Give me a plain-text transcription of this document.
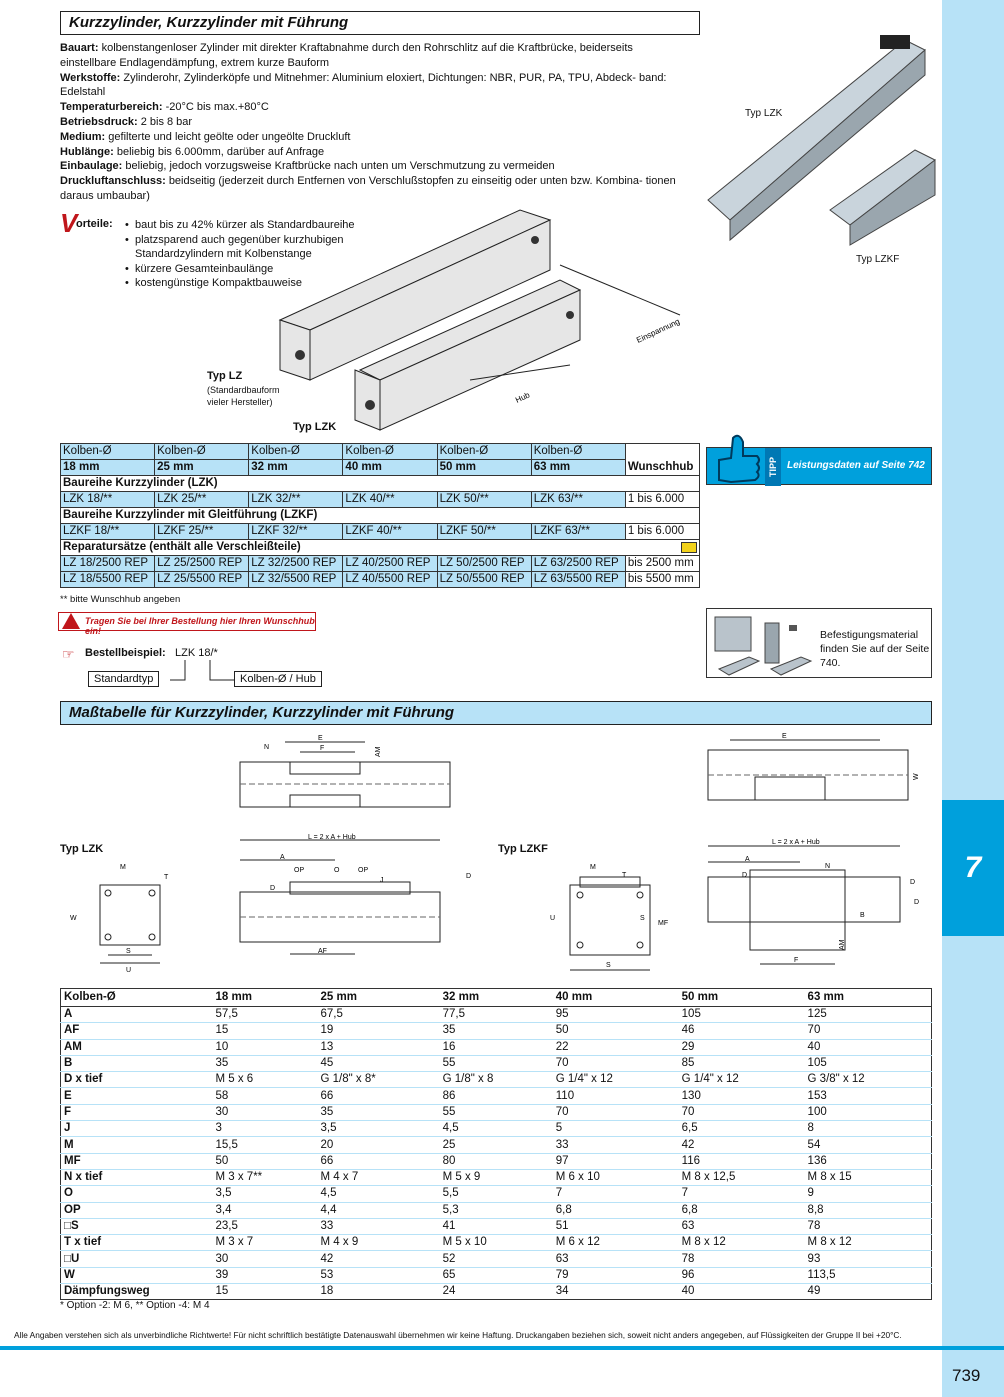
7
Kurzzylinder, Kurzzylinder mit Führung
Bauart: kolbenstangenloser Zylinder mit direkter Kraftabnahme durch den Rohrschlitz auf die Kraftbrücke, beiderseits einstellbare Endlagendämpfung, extrem kurze Bauform
Werkstoffe: Zylinderohr, Zylinderköpfe und Mitnehmer: Aluminium eloxiert, Dichtungen: NBR, PUR, PA, TPU, Abdeck- band: Edelstahl
Temperaturbereich: -20°C bis max.+80°C
Betriebsdruck: 2 bis 8 bar
Medium: gefilterte und leicht geölte oder ungeölte Druckluft
Hublänge: beliebig bis 6.000mm, darüber auf Anfrage
Einbaulage: beliebig, jedoch vorzugsweise Kraftbrücke nach unten um Verschmutzung zu vermeiden
Druckluftanschluss: beidseitig (jederzeit durch Entfernen von Verschlußstopfen zu einseitig oder unten bzw. Kombina- tionen daraus umbaubar)
V
orteile:	• baut bis zu 42% kürzer als Standardbaureihe
• platzsparend auch gegenüber kurzhubigen Standardzylindern mit Kolbenstange
• kürzere Gesamteinbaulänge
• kostengünstige Kompaktbauweise
Einspannung
Hub
Typ LZK
Typ LZKF
Typ LZ
(Standardbauform
vieler Hersteller)
Typ LZK
Kolben-Ø	Kolben-Ø	Kolben-Ø	Kolben-Ø	Kolben-Ø	Kolben-Ø	Wunschhub
18 mm	25 mm	32 mm	40 mm	50 mm	63 mm	
Baureihe Kurzzylinder (LZK)						
LZK 18/**	LZK 25/**	LZK 32/**	LZK 40/**	LZK 50/**	LZK 63/**	1 bis 6.000
Baureihe Kurzzylinder mit Gleitführung (LZKF)						
LZKF 18/**	LZKF 25/**	LZKF 32/**	LZKF 40/**	LZKF 50/**	LZKF 63/**	1 bis 6.000
Reparatursätze (enthält alle Verschleißteile)						

LZ 18/2500 REP	LZ 25/2500 REP	LZ 32/2500 REP	LZ 40/2500 REP	LZ 50/2500 REP	LZ 63/2500 REP	bis 2500 mm
LZ 18/5500 REP	LZ 25/5500 REP	LZ 32/5500 REP	LZ 40/5500 REP	LZ 50/5500 REP	LZ 63/5500 REP	bis 5500 mm
** bitte Wunschhub angeben
Tragen Sie bei Ihrer Bestellung hier Ihren Wunschhub ein!
☞ Bestellbeispiel: LZK 18/*
Standardtyp	Kolben-Ø / Hub
TIPP Leistungsdaten auf Seite 742
Befestigungsmaterial finden Sie auf der Seite 740.
Maßtabelle für Kurzzylinder, Kurzzylinder mit Führung
E
F
N	AM
E
W
Typ LZK	Typ LZKF
W
M
T
U
S
L = 2 x A + Hub
A
OP	O	OP
J
D
D
AF
U
M
T
S
MF
S
L = 2 x A + Hub
A
N
D
D
D
B
AM
F
Kolben-Ø	18 mm	25 mm	32 mm	40 mm	50 mm	63 mm
A	57,5	67,5	77,5	95	105	125
AF	15	19	35	50	46	70
AM	10	13	16	22	29	40
B	35	45	55	70	85	105
D x tief	M 5 x 6	G 1/8" x 8*	G 1/8" x 8	G 1/4" x 12	G 1/4" x 12	G 3/8" x 12
E	58	66	86	110	130	153
F	30	35	55	70	70	100
J	3	3,5	4,5	5	6,5	8
M	15,5	20	25	33	42	54
MF	50	66	80	97	116	136
N x tief	M 3 x 7**	M 4 x 7	M 5 x 9	M 6 x 10	M 8 x 12,5	M 8 x 15
O	3,5	4,5	5,5	7	7	9
OP	3,4	4,4	5,3	6,8	6,8	8,8
□S	23,5	33	41	51	63	78
T x tief	M 3 x 7	M 4 x 9	M 5 x 10	M 6 x 12	M 8 x 12	M 8 x 12
□U	30	42	52	63	78	93
W	39	53	65	79	96	113,5
Dämpfungsweg	15	18	24	34	40	49
* Option -2: M 6, ** Option -4: M 4
Alle Angaben verstehen sich als unverbindliche Richtwerte! Für nicht schriftlich bestätigte Datenauswahl übernehmen wir keine Haftung. Druckangaben beziehen sich, soweit nicht anders angegeben, auf Flüssigkeiten der Gruppe II bei +20°C.
739
